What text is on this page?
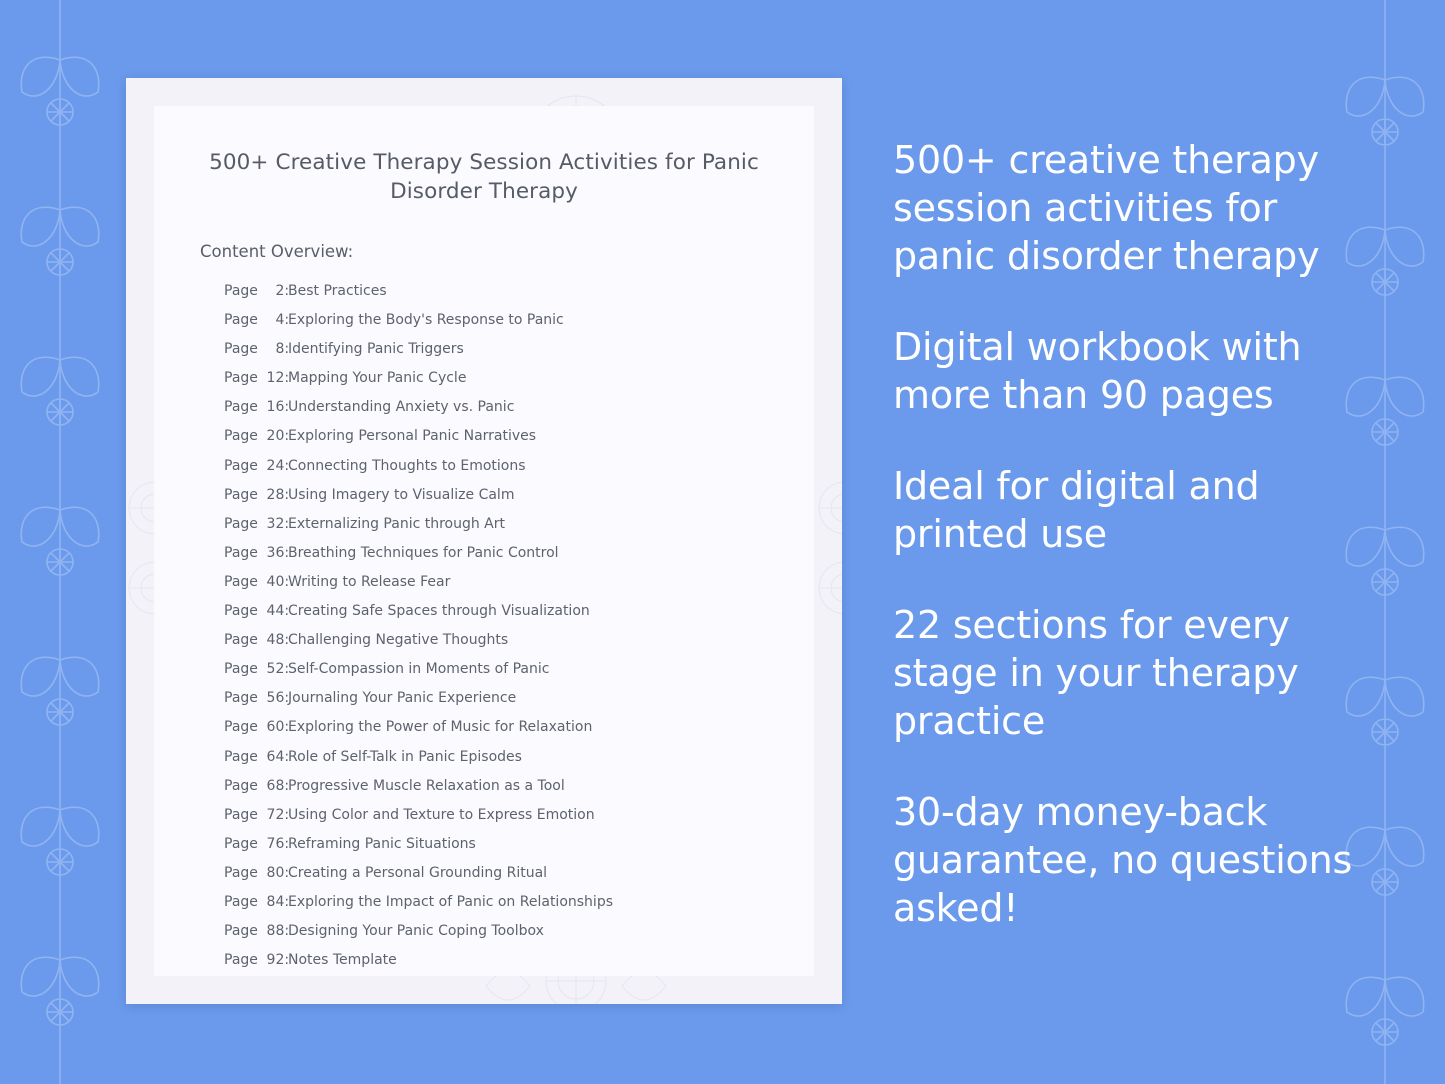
500+ Creative Therapy Session Activities for Panic Disorder Therapy
Content Overview:
Page 2:
Best Practices
Page 4:
Exploring the Body's Response to Panic
Page 8:
Identifying Panic Triggers
Page 12:
Mapping Your Panic Cycle
Page 16:
Understanding Anxiety vs. Panic
Page 20:
Exploring Personal Panic Narratives
Page 24:
Connecting Thoughts to Emotions
Page 28:
Using Imagery to Visualize Calm
Page 32:
Externalizing Panic through Art
Page 36:
Breathing Techniques for Panic Control
Page 40:
Writing to Release Fear
Page 44:
Creating Safe Spaces through Visualization
Page 48:
Challenging Negative Thoughts
Page 52:
Self-Compassion in Moments of Panic
Page 56:
Journaling Your Panic Experience
Page 60:
Exploring the Power of Music for Relaxation
Page 64:
Role of Self-Talk in Panic Episodes
Page 68:
Progressive Muscle Relaxation as a Tool
Page 72:
Using Color and Texture to Express Emotion
Page 76:
Reframing Panic Situations
Page 80:
Creating a Personal Grounding Ritual
Page 84:
Exploring the Impact of Panic on Relationships
Page 88:
Designing Your Panic Coping Toolbox
Page 92:
Notes Template
500+ creative therapy session activities for panic disorder therapy
Digital workbook with more than 90 pages
Ideal for digital and printed use
22 sections for every stage in your therapy practice
30-day money-back guarantee, no questions asked!
